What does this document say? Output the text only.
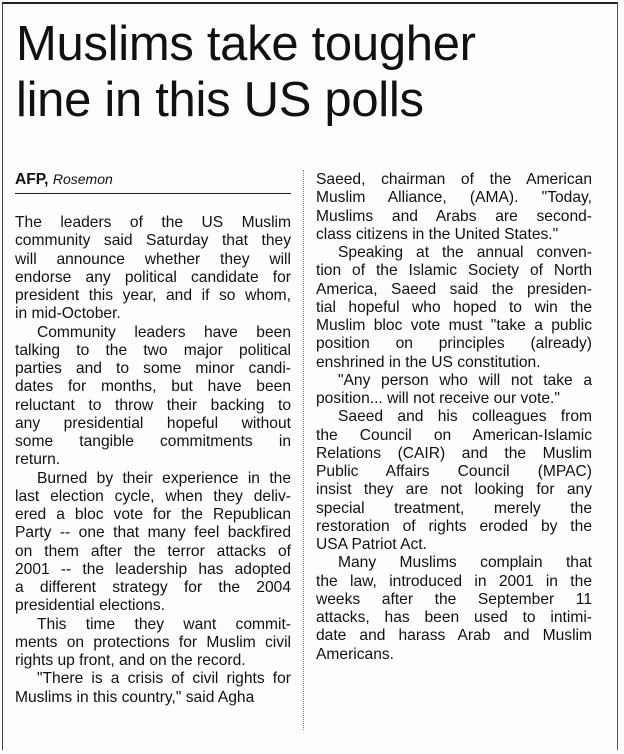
Muslims take tougher
line in this US polls
AFP, Rosemon

The leaders of the US Muslim
community said Saturday that they
will announce whether they will
endorse any political candidate for
president this year, and if so whom,
in mid-October.

Community leaders have been
talking to the two major political
parties and to some minor candi-
dates for months, but have been
reluctant to throw their backing to
any presidential hopeful without
some tangible commitments in
return.

Burned by their experience in the
last election cycle, when they deliv-
ered a bloc vote for the Republican
Party -- one that many feel backfired
on them after the terror attacks of
2001 -- the leadership has adopted
a different strategy for the 2004
presidential elections.

This time they want commit-
ments on protections for Muslim civil
rights up front, and on the record.

"There is a crisis of civil rights for
Muslims in this country," said Agha

Saeed, chairman of the American
Muslim Alliance, (AMA). "Today,
Muslims and Arabs are second-
class citizens in the United States."

Speaking at the annual conven-
tion of the Islamic Society of North
America, Saeed said the presiden-
tial hopeful who hoped to win the
Muslim bloc vote must "take a public
position on principles (already)
enshrined in the US constitution.

"Any person who will not take a
position... will not receive our vote."

Saeed and his colleagues from
the Council on American-Islamic
Relations (CAIR) and the Muslim
Public Affairs Council (MPAC)
insist they are not looking for any
special treatment, merely the
restoration of rights eroded by the
USA Patriot Act.

Many Muslims complain that
the law, introduced in 2001 in the
weeks after the September 11
attacks, has been used to intimi-
date and harass Arab and Muslim
Americans.
